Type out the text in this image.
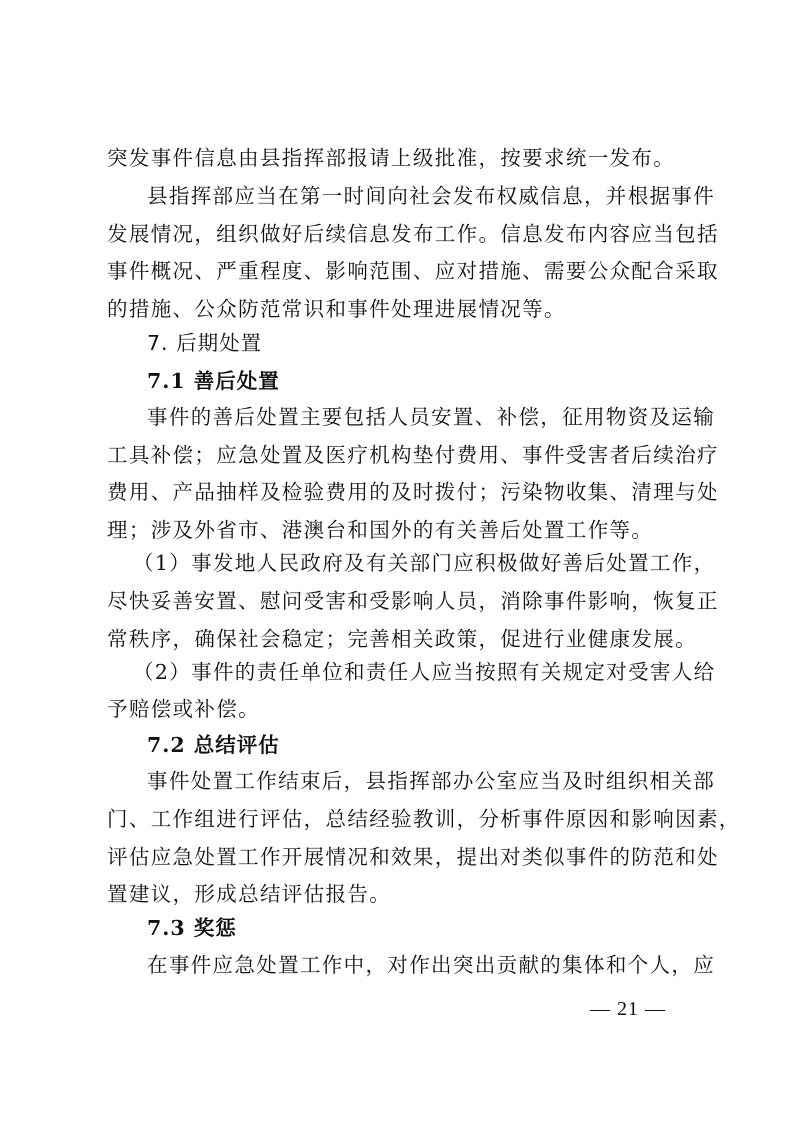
突发事件信息由县指挥部报请上级批准，按要求统一发布。
县指挥部应当在第一时间向社会发布权威信息，并根据事件
发展情况，组织做好后续信息发布工作。信息发布内容应当包括
事件概况、严重程度、影响范围、应对措施、需要公众配合采取
的措施、公众防范常识和事件处理进展情况等。
7. 后期处置
7.1 善后处置
事件的善后处置主要包括人员安置、补偿，征用物资及运输
工具补偿；应急处置及医疗机构垫付费用、事件受害者后续治疗
费用、产品抽样及检验费用的及时拨付；污染物收集、清理与处
理；涉及外省市、港澳台和国外的有关善后处置工作等。
（1）事发地人民政府及有关部门应积极做好善后处置工作，
尽快妥善安置、慰问受害和受影响人员，消除事件影响，恢复正
常秩序，确保社会稳定；完善相关政策，促进行业健康发展。
（2）事件的责任单位和责任人应当按照有关规定对受害人给
予赔偿或补偿。
7.2 总结评估
事件处置工作结束后，县指挥部办公室应当及时组织相关部
门、工作组进行评估，总结经验教训，分析事件原因和影响因素，
评估应急处置工作开展情况和效果，提出对类似事件的防范和处
置建议，形成总结评估报告。
7.3 奖惩
在事件应急处置工作中，对作出突出贡献的集体和个人，应
— 21 —
